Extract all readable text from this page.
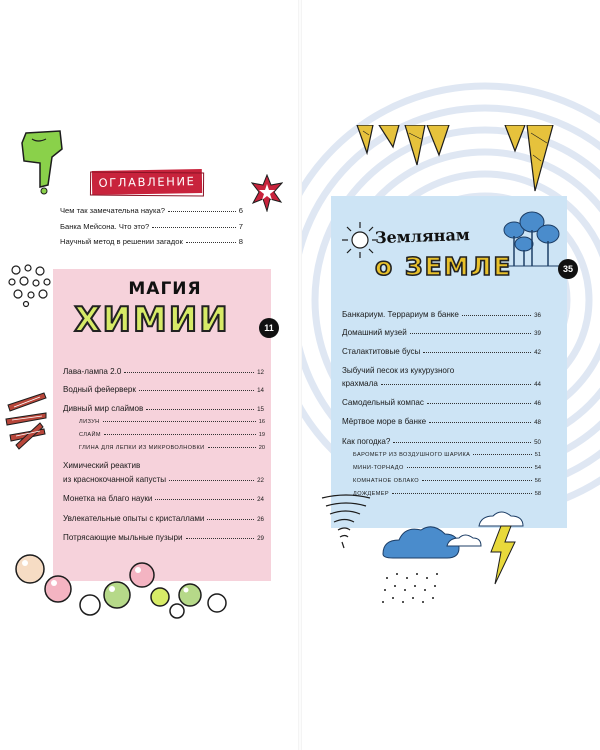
ОГЛАВЛЕНИЕ
Чем так замечательна наука?	6
Банка Мейсона. Что это?	7
Научный метод в решении загадок	8
МАГИЯ
ХИМИИ	11
Лава-лампа 2.0	12
Водный фейерверк	14
Дивный мир слаймов	15
ЛИЗУН	16
СЛАЙМ	19
ГЛИНА ДЛЯ ЛЕПКИ ИЗ МИКРОВОЛНОВКИ	20
Химический реактив
из краснокочанной капусты	22
Монетка на благо науки	24
Увлекательные опыты с кристаллами	26
Потрясающие мыльные пузыри	29
Землянам
о ЗЕМЛЕ	35
Банкариум. Террариум в банке	36
Домашний музей	39
Сталактитовые бусы	42
Зыбучий песок из кукурузного
крахмала	44
Самодельный компас	46
Мёртвое море в банке	48
Как погодка?	50
БАРОМЕТР ИЗ ВОЗДУШНОГО ШАРИКА	51
МИНИ-ТОРНАДО	54
КОМНАТНОЕ ОБЛАКО	56
ДОЖДЕМЕР	58
